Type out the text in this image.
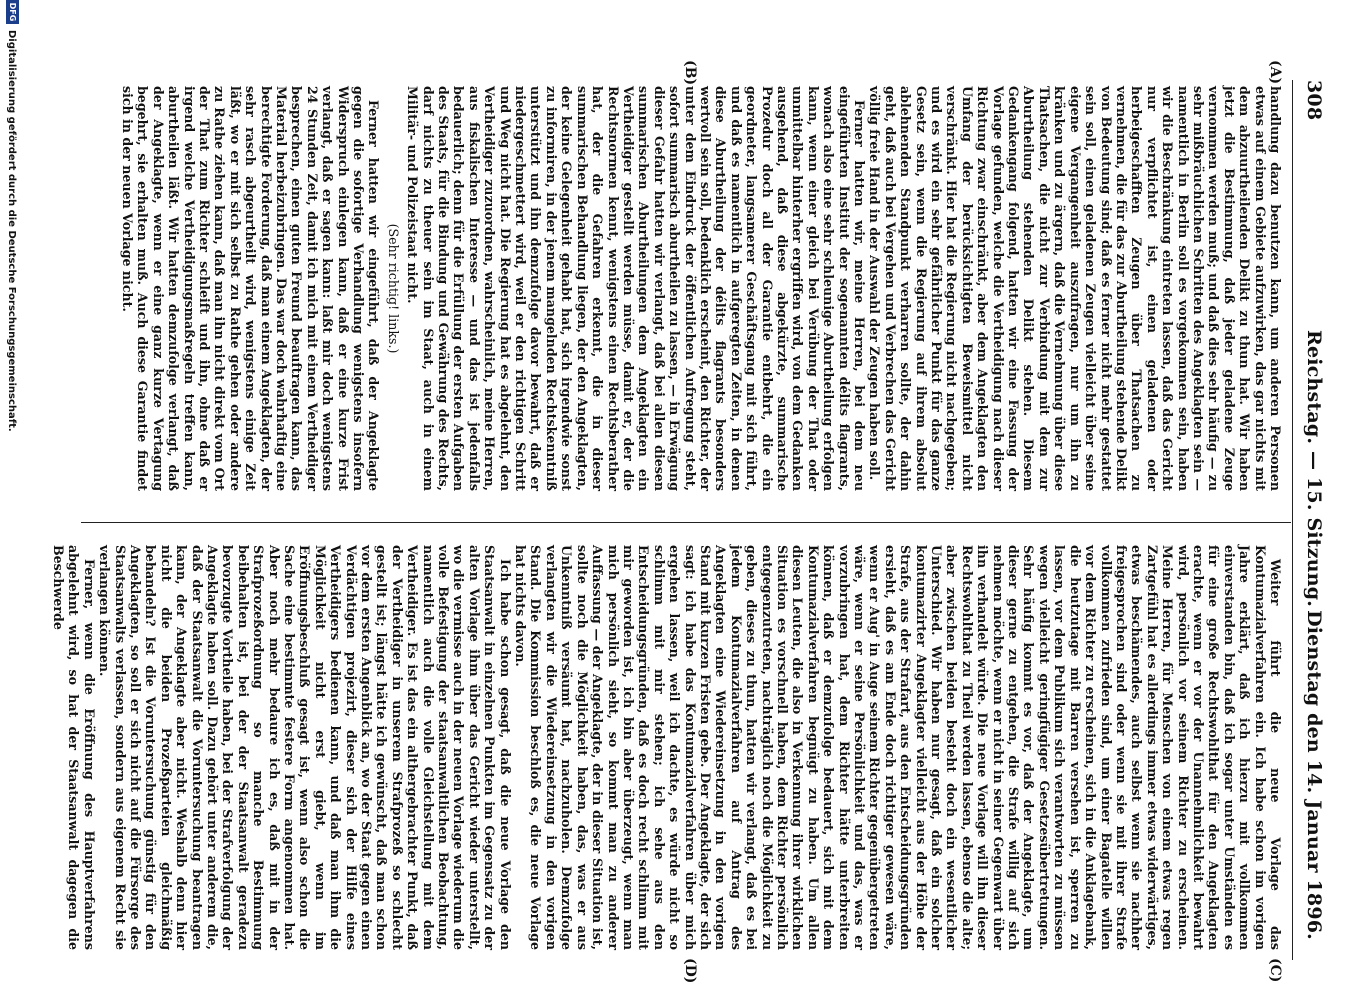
308
Reichstag. — 15. Sitzung.
Dienstag den 14. Januar 1896.
(A)
(B)
(C)
(D)

handlung dazu benutzen kann, um anderen Personen etwas auf einem Gebiete aufzuwirken, das gar nichts mit dem abzuurtheilenden Delikt zu thun hat. Wir haben jetzt die Bestimmung, daß jeder geladene Zeuge vernommen werden muß; und daß dies sehr häufig — zu sehr mißbräuchlichen Schritten des Angeklagten sein — namentlich in Berlin soll es vorgekommen sein, haben wir die Beschränkung eintreten lassen, daß das Gericht nur verpflichtet ist, einen geladenen oder herbeigeschafften Zeugen über Thatsachen zu vernehmen, die für das zur Aburtheilung stehende Delikt von Bedeutung sind; daß es ferner nicht mehr gestattet sein soll, einen geladenen Zeugen vielleicht über seine eigene Vergangenheit auszufragen, nur um ihn zu kränken und zu ärgern, daß die Vernehmung über diese Thatsachen, die nicht zur Verbindung mit dem zur Aburtheilung stehenden Delikt stehen. Diesem Gedankengang folgend, hatten wir eine Fassung der Vorlage gefunden, welche die Vertheidigung nach dieser Richtung zwar einschränkt, aber dem Angeklagten den Umfang der berücksichtigten Beweismittel nicht verschränkt. Hier hat die Regierung nicht nachgegeben; und es wird ein sehr gefährlicher Punkt für das ganze Gesetz sein, wenn die Regierung auf ihrem absolut ablehnenden Standpunkt verharren sollte, der dahin geht, daß auch bei Vergehen und Verbrechen das Gericht völlig freie Hand in der Auswahl der Zeugen haben soll.

Ferner hatten wir, meine Herren, bei dem neu eingeführten Institut der sogenannten délits flagrants, wonach also eine sehr schleunige Aburtheilung erfolgen kann, wenn einer gleich bei Verübung der That oder unmittelbar hinterher ergriffen wird, von dem Gedanken ausgehend, daß diese abgekürzte, summarische Prozedur doch all der Garantie entbehrt, die ein geordneter, langsamerer Geschäftsgang mit sich führt, und daß es namentlich in aufgeregten Zeiten, in denen diese Aburtheilung der délits flagrants besonders wertvoll sein soll, bedenklich erscheint, den Richter, der unter dem Eindruck der öffentlichen Aufregung steht, sofort summarisch aburtheilen zu lassen, — in Erwägung dieser Gefahr hatten wir verlangt, daß bei allen diesen summarischen Aburtheilungen dem Angeklagten ein Vertheidiger gestellt werden müsse, damit er, der die Rechtsnormen kennt, wenigstens einen Rechtsberather hat, der die Gefahren erkennt, die in dieser summarischen Behandlung liegen, der den Angeklagten, der keine Gelegenheit gehabt hat, sich irgendwie sonst zu informiren, in der jenem mangelnden Rechtskenntniß unterstützt und ihn demzufolge davor bewahrt, daß er niedergeschmettert wird, weil er den richtigen Schritt und Weg nicht hat. Die Regierung hat es abgelehnt, den Vertheidiger zuzuordnen, wahrscheinlich, meine Herren, aus fiskalischen Interesse — und das ist jedenfalls bedauerlich; denn für die Erfüllung der ersten Aufgaben des Staats, für die Bindung und Gewährung des Rechts, darf nichts zu theuer sein im Staat, auch in einem Militär- und Polizeistaat nicht.

(Sehr richtig! links.)

Ferner hatten wir eingeführt, daß der Angeklagte gegen die sofortige Verhandlung wenigstens insofern Widerspruch einlegen kann, daß er eine kurze Frist verlangt, daß er sagen kann: laßt mir doch wenigstens 24 Stunden Zeit, damit ich mich mit einem Vertheidiger besprechen, einen guten Freund beauftragen kann, das Material herbeizubringen. Das war doch wahrhaftig eine berechtigte Forderung, daß man einem Angeklagten, der sehr rasch abgeurtheilt wird, wenigstens einige Zeit läßt, wo er mit sich selbst zu Rathe gehen oder andere zu Rathe ziehen kann, daß man ihn nicht direkt vom Ort der That zum Richter schleift und ihn, ohne daß er irgend welche Vertheidigungsmaßregeln treffen kann, aburtheilen läßt. Wir hatten demzufolge verlangt, daß der Angeklagte, wenn er eine ganz kurze Vertagung begehrt, sie erhalten muß. Auch diese Garantie findet sich in der neuen Vorlage nicht.

Weiter führt die neue Vorlage das Kontumazialverfahren ein. Ich habe schon im vorigen Jahre erklärt, daß ich hierzu mit vollkommen einverstanden bin, daß ich sogar unter Umständen es für eine große Rechtswohlthat für den Angeklagten erachte, wenn er vor der Unannehmlichkeit bewahrt wird, persönlich vor seinem Richter zu erscheinen. Meine Herren, für Menschen von einem etwas regen Zartgefühl hat es allerdings immer etwas widerwärtiges, etwas beschämendes, auch selbst wenn sie nachher freigesprochen sind oder wenn sie mit ihrer Strafe vollkommen zufrieden sind, um einer Bagatelle willen vor dem Richter zu erscheinen, sich in die Anklagebank, die heutzutage mit Barren versehen ist, sperren zu lassen, vor dem Publikum sich verantworten zu müssen wegen vielleicht geringfügiger Gesetzesübertretungen. Sehr häufig kommt es vor, daß der Angeklagte, um dieser gerne zu entgehen, die Strafe willig auf sich nehmen möchte, wenn er nicht in seiner Gegenwart über ihn verhandelt würde. Die neue Vorlage will ihn dieser Rechtswohlthat zu Theil werden lassen, ebenso die alte; aber zwischen beiden besteht doch ein wesentlicher Unterschied. Wir haben nur gesagt, daß ein solcher kontumazirter Angeklagter vielleicht aus der Höhe der Strafe, aus der Strafart, aus den Entscheidungsgründen ersieht, daß es am Ende doch richtiger gewesen wäre, wenn er Aug' in Auge seinem Richter gegenübergetreten wäre, wenn er seine Persönlichkeit und das, was er vorzubringen hat, dem Richter hätte unterbreiten können, daß er demzufolge bedauert, sich mit dem Kontumazialverfahren begnügt zu haben. Um allen diesen Leuten, die also in Verkennung ihrer wirklichen Situation es vorschnell haben, dem Richter persönlich entgegenzutreten, nachträglich noch die Möglichkeit zu geben, dieses zu thun, hatten wir verlangt, daß es bei jedem Kontumazialverfahren auf Antrag des Angeklagten eine Wiedereinsetzung in den vorigen Stand mit kurzen Fristen gebe. Der Angeklagte, der sich sagt: ich habe das Kontumazialverfahren über mich ergehen lassen, weil ich dachte, es würde nicht so schlimm mit mir stehen; ich sehe aus den Entscheidungsgründen, daß es doch recht schlimm mit mir geworden ist, ich bin aber überzeugt, wenn man mich persönlich sieht, so kommt man zu anderer Auffassung — der Angeklagte, der in dieser Situation ist, sollte noch die Möglichkeit haben, das, was er aus Unkenntniß versäumt hat, nachzuholen. Demzufolge verlangten wir die Wiedereinsetzung in den vorigen Stand. Die Kommission beschloß es, die neue Vorlage hat nichts davon.

Ich habe schon gesagt, daß die neue Vorlage den Staatsanwalt in einzelnen Punkten im Gegensatz zu der alten Vorlage ihm über das Gericht wieder unterstellt, wo die vermisse auch in der neuen Vorlage wiederum die volle Befestigung der staatsanwaltlichen Beobachtung, namentlich auch die volle Gleichstellung mit dem Vertheidiger. Es ist das ein althergebrachter Punkt, daß der Vertheidiger in unserem Strafprozeß so schlecht gestellt ist; längst hätte ich gewünscht, daß man schon vor dem ersten Angenblick an, wo der Staat gegen einen Verdächtigen projezirt, dieser sich der Hilfe eines Vertheidigers bedienen kann, und daß man ihm die Möglichkeit nicht erst giebt, wenn im Eröffnungsbeschluß gesagt ist, wenn also schon die Sache eine bestimmte festere Form angenommen hat. Aber noch mehr bedaure ich es, daß mit in der Strafprozeßordnung so manche Bestimmung beibehalten ist, bei der der Staatsanwalt geradezu bevorzugte Vortheile haben, bei der Strafverfolgung der Angeklagte haben soll. Dazu gehört unter anderem die, daß der Staatsanwalt die Voruntersuchung beantragen kann, der Angeklagte aber nicht. Weshalb denn hier nicht die beiden Prozeßparteien gleichmäßig behandeln? Ist die Voruntersuchung günstig für den Angeklagten, so soll er sich nicht auf die Fürsorge des Staatsanwalts verlassen, sondern aus eigenem Recht sie verlangen können.

Ferner, wenn die Eröffnung des Hauptverfahrens abgelehnt wird, so hat der Staatsanwalt dagegen die Beschwerde

DFG
Digitalisierung gefördert durch die Deutsche Forschungsgemeinschaft.
